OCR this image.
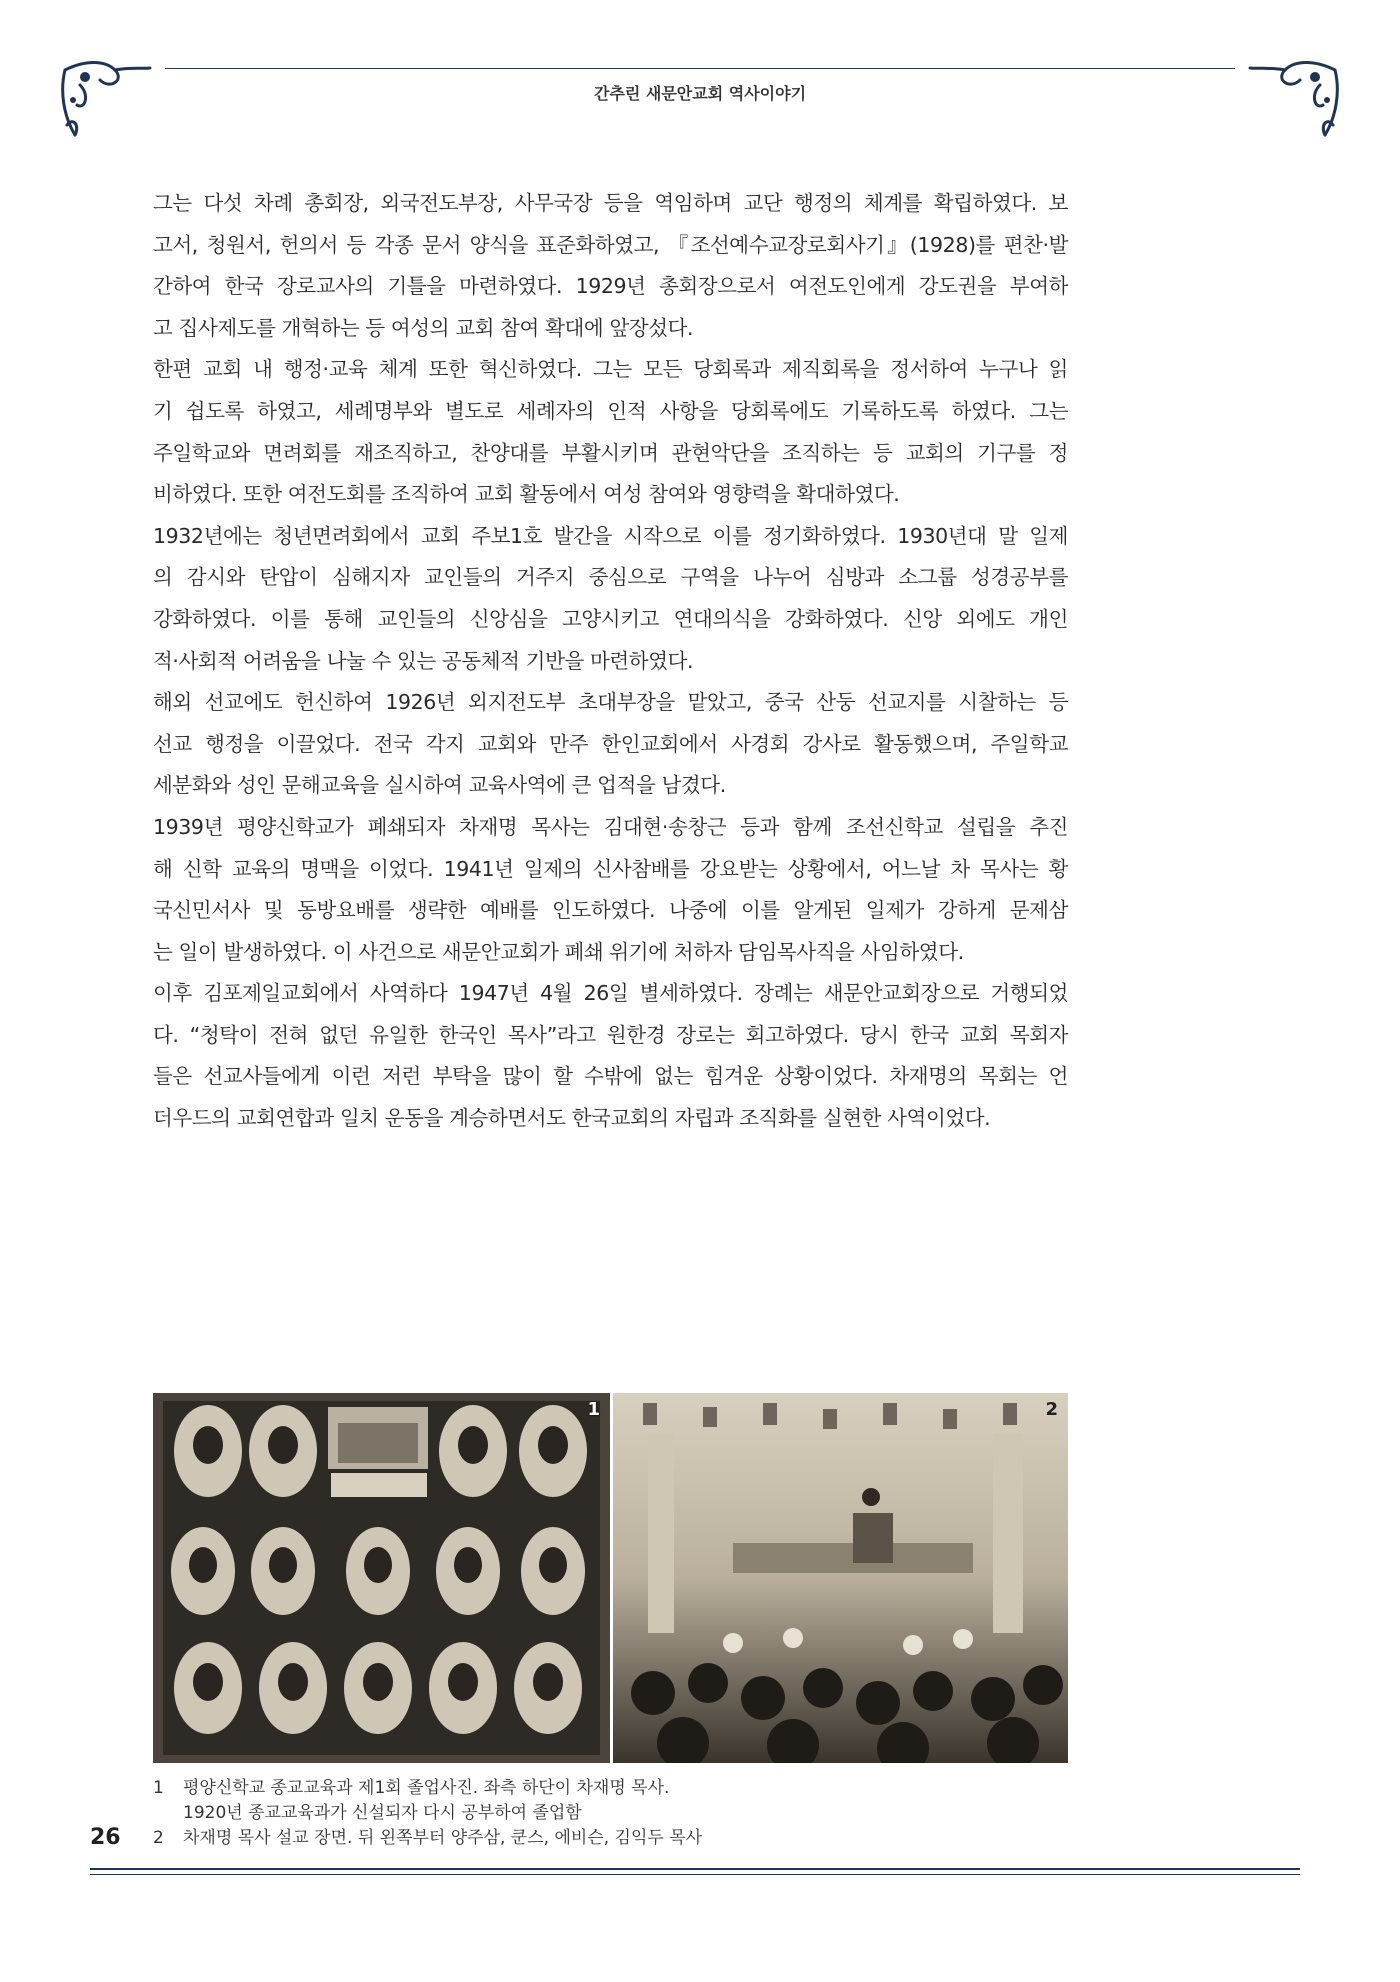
간추린 새문안교회 역사이야기
그는 다섯 차례 총회장, 외국전도부장, 사무국장 등을 역임하며 교단 행정의 체계를 확립하였다. 보
고서, 청원서, 헌의서 등 각종 문서 양식을 표준화하였고, 『조선예수교장로회사기』(1928)를 편찬·발
간하여 한국 장로교사의 기틀을 마련하였다. 1929년 총회장으로서 여전도인에게 강도권을 부여하
고 집사제도를 개혁하는 등 여성의 교회 참여 확대에 앞장섰다.
한편 교회 내 행정·교육 체계 또한 혁신하였다. 그는 모든 당회록과 제직회록을 정서하여 누구나 읽
기 쉽도록 하였고, 세례명부와 별도로 세례자의 인적 사항을 당회록에도 기록하도록 하였다. 그는
주일학교와 면려회를 재조직하고, 찬양대를 부활시키며 관현악단을 조직하는 등 교회의 기구를 정
비하였다. 또한 여전도회를 조직하여 교회 활동에서 여성 참여와 영향력을 확대하였다.
1932년에는 청년면려회에서 교회 주보1호 발간을 시작으로 이를 정기화하였다. 1930년대 말 일제
의 감시와 탄압이 심해지자 교인들의 거주지 중심으로 구역을 나누어 심방과 소그룹 성경공부를
강화하였다. 이를 통해 교인들의 신앙심을 고양시키고 연대의식을 강화하였다. 신앙 외에도 개인
적·사회적 어려움을 나눌 수 있는 공동체적 기반을 마련하였다.
해외 선교에도 헌신하여 1926년 외지전도부 초대부장을 맡았고, 중국 산둥 선교지를 시찰하는 등
선교 행정을 이끌었다. 전국 각지 교회와 만주 한인교회에서 사경회 강사로 활동했으며, 주일학교
세분화와 성인 문해교육을 실시하여 교육사역에 큰 업적을 남겼다.
1939년 평양신학교가 폐쇄되자 차재명 목사는 김대현·송창근 등과 함께 조선신학교 설립을 추진
해 신학 교육의 명맥을 이었다. 1941년 일제의 신사참배를 강요받는 상황에서, 어느날 차 목사는 황
국신민서사 및 동방요배를 생략한 예배를 인도하였다. 나중에 이를 알게된 일제가 강하게 문제삼
는 일이 발생하였다. 이 사건으로 새문안교회가 폐쇄 위기에 처하자 담임목사직을 사임하였다.
이후 김포제일교회에서 사역하다 1947년 4월 26일 별세하였다. 장례는 새문안교회장으로 거행되었
다. “청탁이 전혀 없던 유일한 한국인 목사”라고 원한경 장로는 회고하였다. 당시 한국 교회 목회자
들은 선교사들에게 이런 저런 부탁을 많이 할 수밖에 없는 힘겨운 상황이었다. 차재명의 목회는 언
더우드의 교회연합과 일치 운동을 계승하면서도 한국교회의 자립과 조직화를 실현한 사역이었다.
1	2
1	평양신학교 종교교육과 제1회 졸업사진. 좌측 하단이 차재명 목사.
1920년 종교교육과가 신설되자 다시 공부하여 졸업함
2	차재명 목사 설교 장면. 뒤 왼쪽부터 양주삼, 쿤스, 에비슨, 김익두 목사
26
